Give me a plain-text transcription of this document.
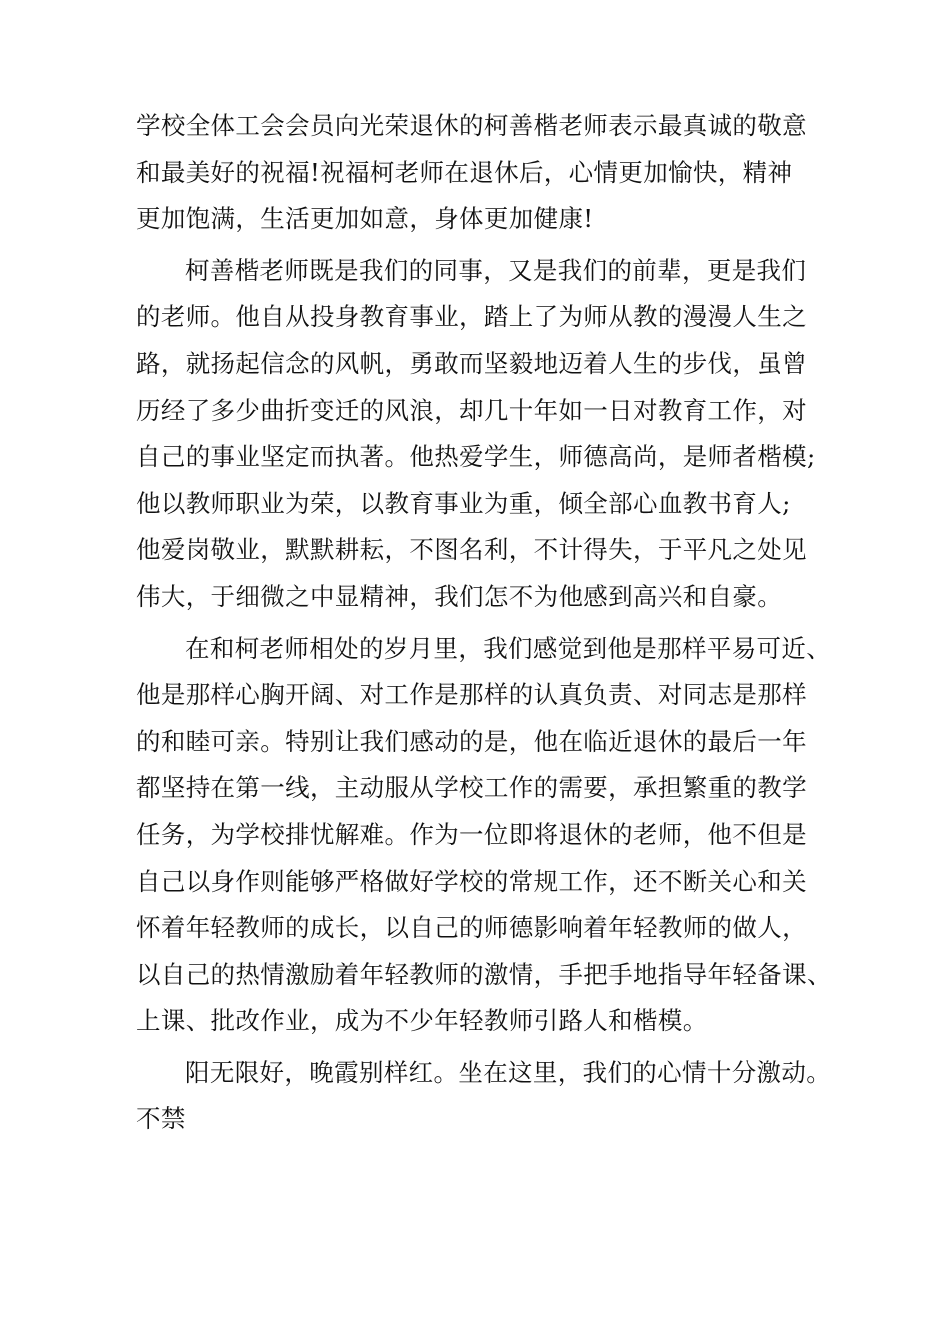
学校全体工会会员向光荣退休的柯善楷老师表示最真诚的敬意
和最美好的祝福!祝福柯老师在退休后，心情更加愉快，精神
更加饱满，生活更加如意，身体更加健康!
柯善楷老师既是我们的同事，又是我们的前辈，更是我们
的老师。他自从投身教育事业，踏上了为师从教的漫漫人生之
路，就扬起信念的风帆，勇敢而坚毅地迈着人生的步伐，虽曾
历经了多少曲折变迁的风浪，却几十年如一日对教育工作，对
自己的事业坚定而执著。他热爱学生，师德高尚，是师者楷模;
他以教师职业为荣，以教育事业为重，倾全部心血教书育人;
他爱岗敬业，默默耕耘，不图名利，不计得失，于平凡之处见
伟大，于细微之中显精神，我们怎不为他感到高兴和自豪。
在和柯老师相处的岁月里，我们感觉到他是那样平易可近、
他是那样心胸开阔、对工作是那样的认真负责、对同志是那样
的和睦可亲。特别让我们感动的是，他在临近退休的最后一年
都坚持在第一线，主动服从学校工作的需要，承担繁重的教学
任务，为学校排忧解难。作为一位即将退休的老师，他不但是
自己以身作则能够严格做好学校的常规工作，还不断关心和关
怀着年轻教师的成长，以自己的师德影响着年轻教师的做人，
以自己的热情激励着年轻教师的激情，手把手地指导年轻备课、
上课、批改作业，成为不少年轻教师引路人和楷模。
阳无限好，晚霞别样红。坐在这里，我们的心情十分激动。
不禁
